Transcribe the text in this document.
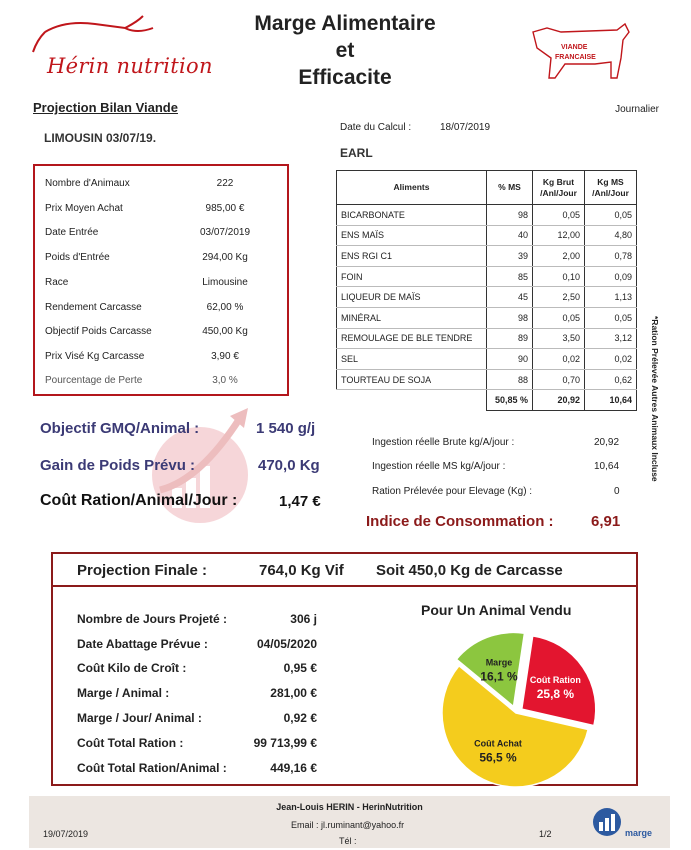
Hérin nutrition
Marge Alimentaire
et
Efficacite
VIANDE
FRANCAISE
Projection Bilan Viande	Journalier
LIMOUSIN 03/07/19.
Date du Calcul :	18/07/2019
EARL
Nombre d'Animaux	222
Prix Moyen Achat	985,00 €
Date Entrée	03/07/2019
Poids d'Entrée	294,00 Kg
Race	Limousine
Rendement Carcasse	62,00 %
Objectif Poids Carcasse	450,00 Kg
Prix Visé Kg Carcasse	3,90 €
Pourcentage de Perte	3,0 %
Aliments	% MS	Kg Brut /Anl/Jour	Kg MS /Anl/Jour
BICARBONATE	98	0,05	0,05
ENS MAÏS	40	12,00	4,80
ENS RGI C1	39	2,00	0,78
FOIN	85	0,10	0,09
LIQUEUR DE MAÏS	45	2,50	1,13
MINÉRAL	98	0,05	0,05
REMOULAGE DE BLE TENDRE	89	3,50	3,12
SEL	90	0,02	0,02
TOURTEAU DE SOJA	88	0,70	0,62
	50,85 %	20,92	10,64 *Ration Prélevée Autres Animaux Incluse
Objectif GMQ/Animal :	1 540 g/j
Gain de Poids Prévu :	470,0 Kg
Coût Ration/Animal/Jour :	1,47 €
Ingestion réelle Brute kg/A/jour :	20,92
Ingestion réelle MS kg/A/jour :	10,64
Ration Prélevée pour Elevage (Kg) :	0
Indice de Consommation : 6,91
Projection Finale :	764,0 Kg Vif Soit 450,0 Kg de Carcasse
Nombre de Jours Projeté :	306 j
Date Abattage Prévue :	04/05/2020
Coût Kilo de Croît :	0,95 €
Marge / Animal :	281,00 €
Marge / Jour/ Animal :	0,92 €
Coût Total Ration :	99 713,99 €
Coût Total Ration/Animal :	449,16 €
Pour Un Animal Vendu
Marge
16,1 % Coût Ration
25,8 %
Coût Achat
56,5 %
Jean-Louis HERIN - HerinNutrition
Email : jl.ruminant@yahoo.fr
Tél :
19/07/2019	1/2	marge
